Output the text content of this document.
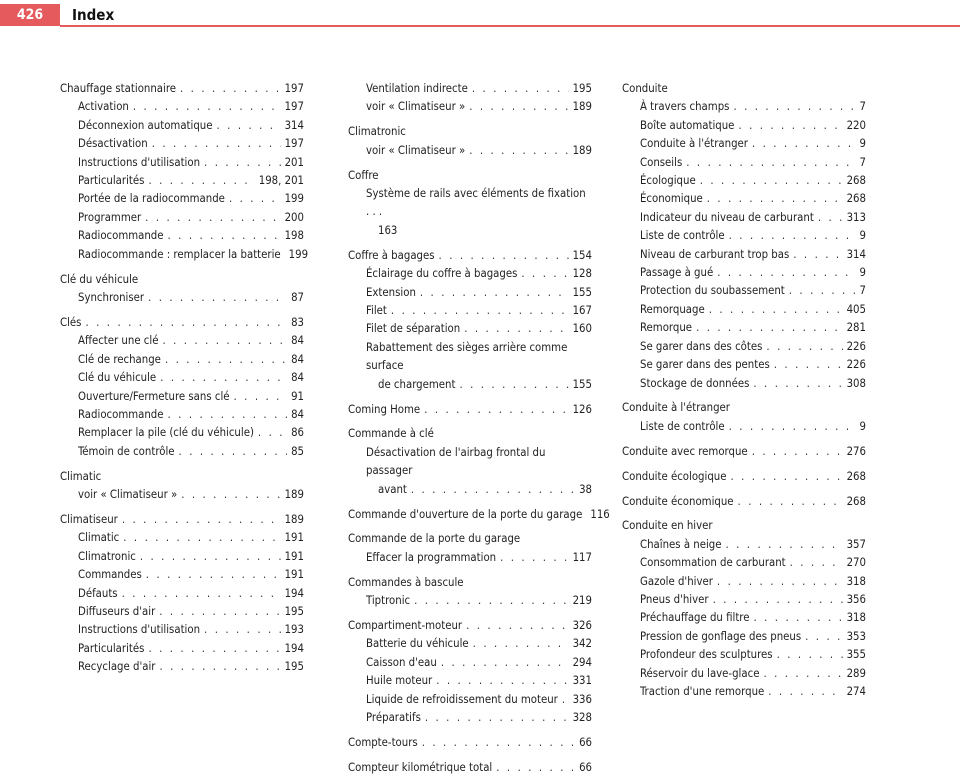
426	Index
Chauffage stationnaire . . .	197
Activation . . .	197
Déconnexion automatique . . .	314
Désactivation . . .	197
Instructions d'utilisation . . .	201
Particularités . . .	198, 201
Portée de la radiocommande . . .	199
Programmer . . .	200
Radiocommande . . .	198
Radiocommande : remplacer la batterie 199
Clé du véhicule
Synchroniser . . .	87
Clés . . .	83
Affecter une clé . . .	84
Clé de rechange . . .	84
Clé du véhicule . . .	84
Ouverture/Fermeture sans clé . . .	91
Radiocommande . . .	84
Remplacer la pile (clé du véhicule) . . .	86
Témoin de contrôle . . .	85
Climatic
voir « Climatiseur » . . .	189
Climatiseur . . .	189
Climatic . . .	191
Climatronic . . .	191
Commandes . . .	191
Défauts . . .	194
Diffuseurs d'air . . .	195
Instructions d'utilisation . . .	193
Particularités . . .	194
Recyclage d'air . . .	195
Ventilation indirecte . . .	195
voir « Climatiseur » . . .	189
Climatronic
voir « Climatiseur » . . .	189
Coffre
Système de rails avec éléments de fixation . . .
163
Coffre à bagages . . .	154
Éclairage du coffre à bagages . . .	128
Extension . . .	155
Filet . . .	167
Filet de séparation . . .	160
Rabattement des sièges arrière comme surface
de chargement . . .	155
Coming Home . . .	126
Commande à clé
Désactivation de l'airbag frontal du passager
avant . . .	38
Commande d'ouverture de la porte du garage 116
Commande de la porte du garage
Effacer la programmation . . .	117
Commandes à bascule
Tiptronic . . .	219
Compartiment-moteur . . .	326
Batterie du véhicule . . .	342
Caisson d'eau . . .	294
Huile moteur . . .	331
Liquide de refroidissement du moteur . . . 336
Préparatifs . . .	328
Compte-tours . . .	66
Compteur kilométrique total . . .	66
Conduite
À travers champs . . .	7
Boîte automatique . . .	220
Conduite à l'étranger . . .	9
Conseils . . .	7
Écologique . . .	268
Économique . . .	268
Indicateur du niveau de carburant . . .	313
Liste de contrôle . . .	9
Niveau de carburant trop bas . . .	314
Passage à gué . . .	9
Protection du soubassement . . .	7
Remorquage . . .	405
Remorque . . .	281
Se garer dans des côtes . . .	226
Se garer dans des pentes . . .	226
Stockage de données . . .	308
Conduite à l'étranger
Liste de contrôle . . .	9
Conduite avec remorque . . .	276
Conduite écologique . . .	268
Conduite économique . . .	268
Conduite en hiver
Chaînes à neige . . .	357
Consommation de carburant . . .	270
Gazole d'hiver . . .	318
Pneus d'hiver . . .	356
Préchauffage du filtre . . .	318
Pression de gonflage des pneus . . .	353
Profondeur des sculptures . . .	355
Réservoir du lave-glace . . .	289
Traction d'une remorque . . .	274
